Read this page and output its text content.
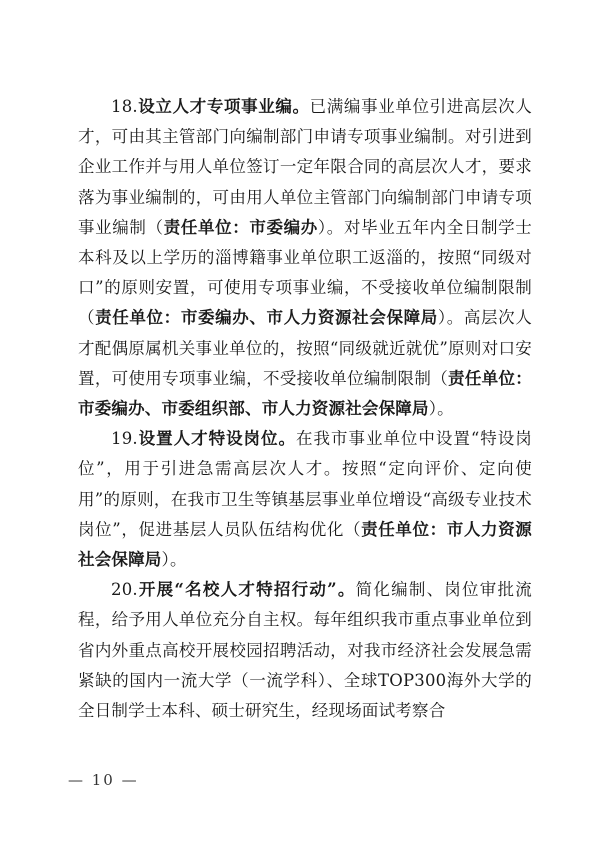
18.设立人才专项事业编。已满编事业单位引进高层次人才，可由其主管部门向编制部门申请专项事业编制。对引进到企业工作并与用人单位签订一定年限合同的高层次人才，要求落为事业编制的，可由用人单位主管部门向编制部门申请专项事业编制（责任单位：市委编办）。对毕业五年内全日制学士本科及以上学历的淄博籍事业单位职工返淄的，按照“同级对口”的原则安置，可使用专项事业编，不受接收单位编制限制（责任单位：市委编办、市人力资源社会保障局）。高层次人才配偶原属机关事业单位的，按照“同级就近就优”原则对口安置，可使用专项事业编，不受接收单位编制限制（责任单位：市委编办、市委组织部、市人力资源社会保障局）。

19.设置人才特设岗位。在我市事业单位中设置“特设岗位”，用于引进急需高层次人才。按照“定向评价、定向使用”的原则，在我市卫生等镇基层事业单位增设“高级专业技术岗位”，促进基层人员队伍结构优化（责任单位：市人力资源社会保障局）。

20.开展“名校人才特招行动”。简化编制、岗位审批流程，给予用人单位充分自主权。每年组织我市重点事业单位到省内外重点高校开展校园招聘活动，对我市经济社会发展急需紧缺的国内一流大学（一流学科）、全球TOP300海外大学的全日制学士本科、硕士研究生，经现场面试考察合

— 10 —
